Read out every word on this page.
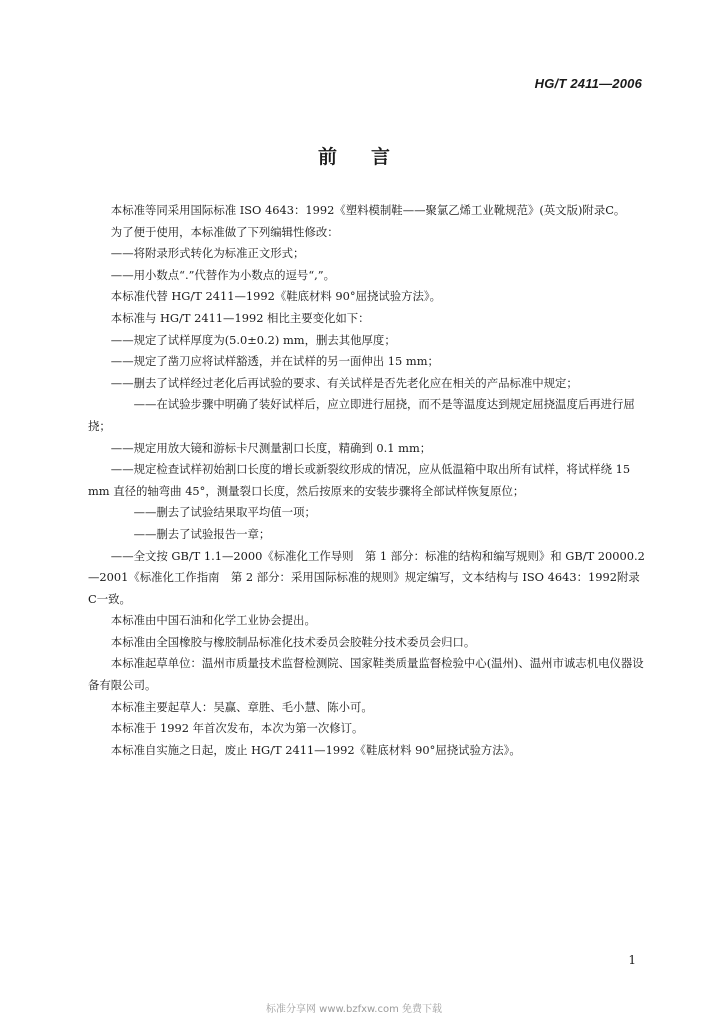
HG/T 2411—2006
前言

本标准等同采用国际标准 ISO 4643：1992《塑料模制鞋——聚氯乙烯工业靴规范》(英文版)附录C。

为了便于使用，本标准做了下列编辑性修改：

——将附录形式转化为标准正文形式；

——用小数点“.”代替作为小数点的逗号“,”。

本标准代替 HG/T 2411—1992《鞋底材料 90°屈挠试验方法》。

本标准与 HG/T 2411—1992 相比主要变化如下：

——规定了试样厚度为(5.0±0.2) mm，删去其他厚度；

——规定了凿刀应将试样豁透，并在试样的另一面伸出 15 mm；

——删去了试样经过老化后再试验的要求、有关试样是否先老化应在相关的产品标准中规定；

——在试验步骤中明确了装好试样后，应立即进行屈挠，而不是等温度达到规定屈挠温度后再进行屈挠；

——规定用放大镜和游标卡尺测量割口长度，精确到 0.1 mm；

——规定检查试样初始割口长度的增长或新裂纹形成的情况，应从低温箱中取出所有试样，将试样绕 15 mm 直径的轴弯曲 45°，测量裂口长度，然后按原来的安装步骤将全部试样恢复原位；

——删去了试验结果取平均值一项；

——删去了试验报告一章；

——全文按 GB/T 1.1—2000《标准化工作导则　第 1 部分：标准的结构和编写规则》和 GB/T 20000.2—2001《标准化工作指南　第 2 部分：采用国际标准的规则》规定编写，文本结构与 ISO 4643：1992附录C一致。

本标准由中国石油和化学工业协会提出。

本标准由全国橡胶与橡胶制品标准化技术委员会胶鞋分技术委员会归口。

本标准起草单位：温州市质量技术监督检测院、国家鞋类质量监督检验中心(温州)、温州市诚志机电仪器设备有限公司。

本标准主要起草人：吴赢、章胜、毛小慧、陈小可。

本标准于 1992 年首次发布，本次为第一次修订。

本标准自实施之日起，废止 HG/T 2411—1992《鞋底材料 90°屈挠试验方法》。

1
标准分享网 www.bzfxw.com 免费下载
